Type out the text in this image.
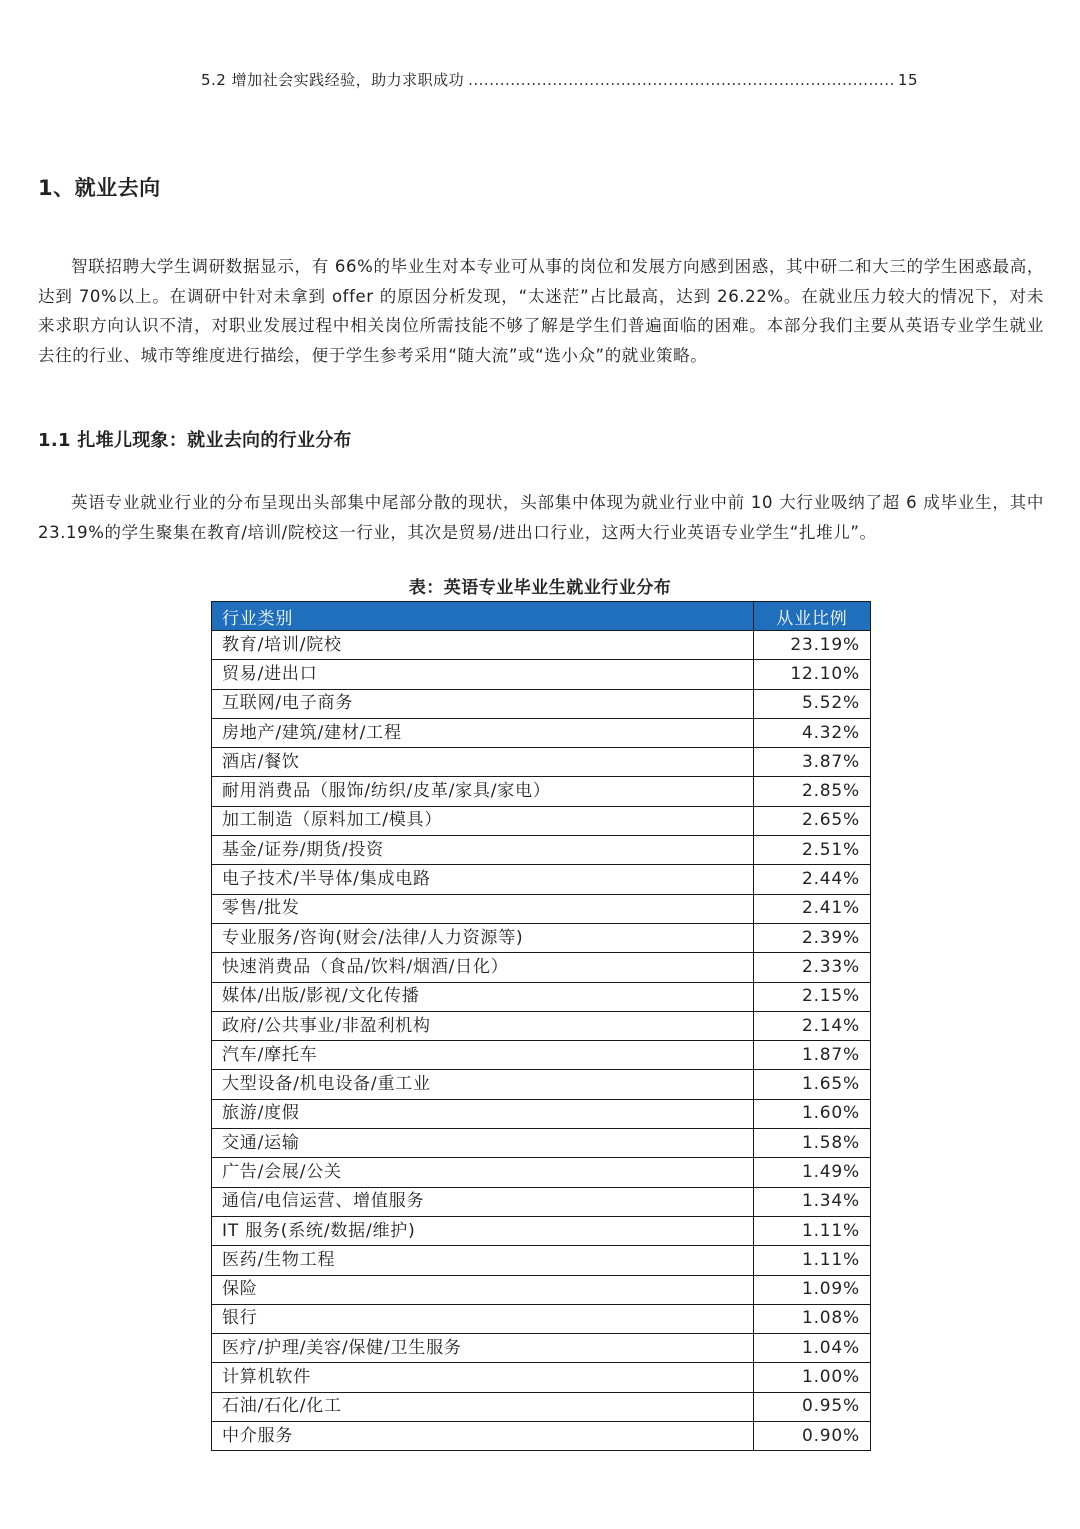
5.2 增加社会实践经验，助力求职成功 .....	15
1、就业去向

智联招聘大学生调研数据显示，有 66%的毕业生对本专业可从事的岗位和发展方向感到困惑，其中研二和大三的学生困惑最高，达到 70%以上。在调研中针对未拿到 offer 的原因分析发现，“太迷茫”占比最高，达到 26.22%。在就业压力较大的情况下，对未来求职方向认识不清，对职业发展过程中相关岗位所需技能不够了解是学生们普遍面临的困难。本部分我们主要从英语专业学生就业去往的行业、城市等维度进行描绘，便于学生参考采用“随大流”或“选小众”的就业策略。

1.1 扎堆儿现象：就业去向的行业分布

英语专业就业行业的分布呈现出头部集中尾部分散的现状，头部集中体现为就业行业中前 10 大行业吸纳了超 6 成毕业生，其中 23.19%的学生聚集在教育/培训/院校这一行业，其次是贸易/进出口行业，这两大行业英语专业学生“扎堆儿”。

表：英语专业毕业生就业行业分布
行业类别	从业比例
教育/培训/院校	23.19%
贸易/进出口	12.10%
互联网/电子商务	5.52%
房地产/建筑/建材/工程	4.32%
酒店/餐饮	3.87%
耐用消费品（服饰/纺织/皮革/家具/家电）	2.85%
加工制造（原料加工/模具）	2.65%
基金/证券/期货/投资	2.51%
电子技术/半导体/集成电路	2.44%
零售/批发	2.41%
专业服务/咨询(财会/法律/人力资源等)	2.39%
快速消费品（食品/饮料/烟酒/日化）	2.33%
媒体/出版/影视/文化传播	2.15%
政府/公共事业/非盈利机构	2.14%
汽车/摩托车	1.87%
大型设备/机电设备/重工业	1.65%
旅游/度假	1.60%
交通/运输	1.58%
广告/会展/公关	1.49%
通信/电信运营、增值服务	1.34%
IT 服务(系统/数据/维护)	1.11%
医药/生物工程	1.11%
保险	1.09%
银行	1.08%
医疗/护理/美容/保健/卫生服务	1.04%
计算机软件	1.00%
石油/石化/化工	0.95%
中介服务	0.90%
